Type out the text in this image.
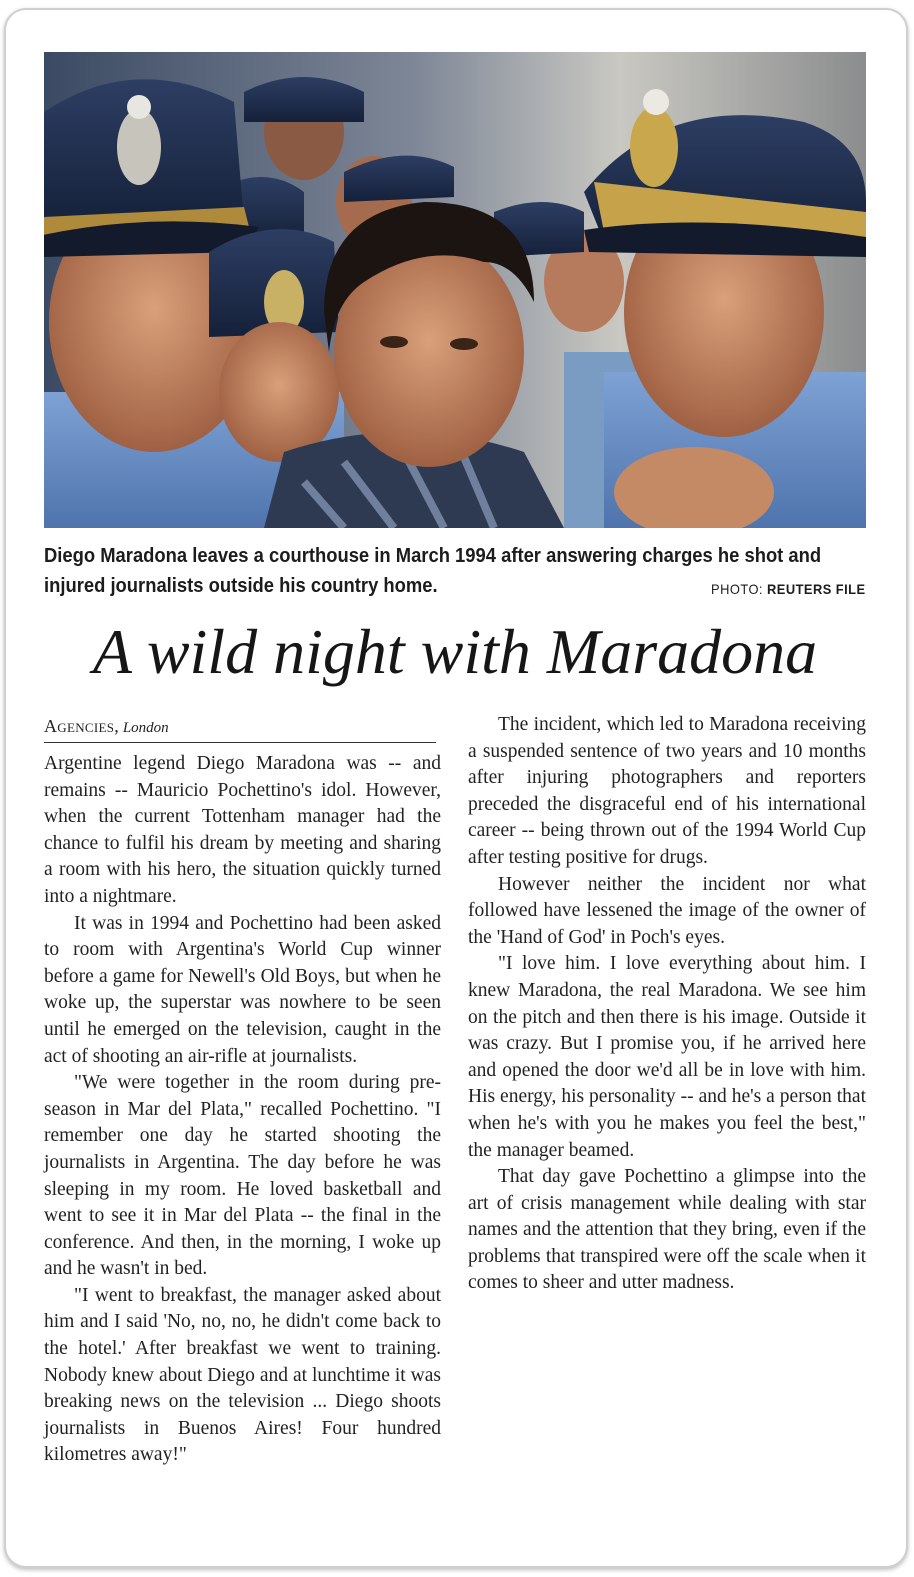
Diego Maradona leaves a courthouse in March 1994 after answering charges he shot and injured journalists outside his country home.	PHOTO: REUTERS FILE
A wild night with Maradona
Agencies, London

Argentine legend Diego Maradona was -- and remains -- Mauricio Pochettino's idol. However, when the current Tottenham manager had the chance to fulfil his dream by meeting and sharing a room with his hero, the situation quickly turned into a nightmare.

It was in 1994 and Pochettino had been asked to room with Argentina's World Cup winner before a game for Newell's Old Boys, but when he woke up, the superstar was nowhere to be seen until he emerged on the television, caught in the act of shooting an air-rifle at journalists.

"We were together in the room during pre-season in Mar del Plata," recalled Pochettino. "I remember one day he started shooting the journalists in Argentina. The day before he was sleeping in my room. He loved basketball and went to see it in Mar del Plata -- the final in the conference. And then, in the morning, I woke up and he wasn't in bed.

"I went to breakfast, the manager asked about him and I said 'No, no, no, he didn't come back to the hotel.' After breakfast we went to training. Nobody knew about Diego and at lunchtime it was breaking news on the television ... Diego shoots journalists in Buenos Aires! Four hundred kilometres away!"

The incident, which led to Maradona receiving a suspended sentence of two years and 10 months after injuring photographers and reporters preceded the disgraceful end of his international career -- being thrown out of the 1994 World Cup after testing positive for drugs.

However neither the incident nor what followed have lessened the image of the owner of the 'Hand of God' in Poch's eyes.

"I love him. I love everything about him. I knew Maradona, the real Maradona. We see him on the pitch and then there is his image. Outside it was crazy. But I promise you, if he arrived here and opened the door we'd all be in love with him. His energy, his personality -- and he's a person that when he's with you he makes you feel the best," the manager beamed.

That day gave Pochettino a glimpse into the art of crisis management while dealing with star names and the attention that they bring, even if the problems that transpired were off the scale when it comes to sheer and utter madness.
